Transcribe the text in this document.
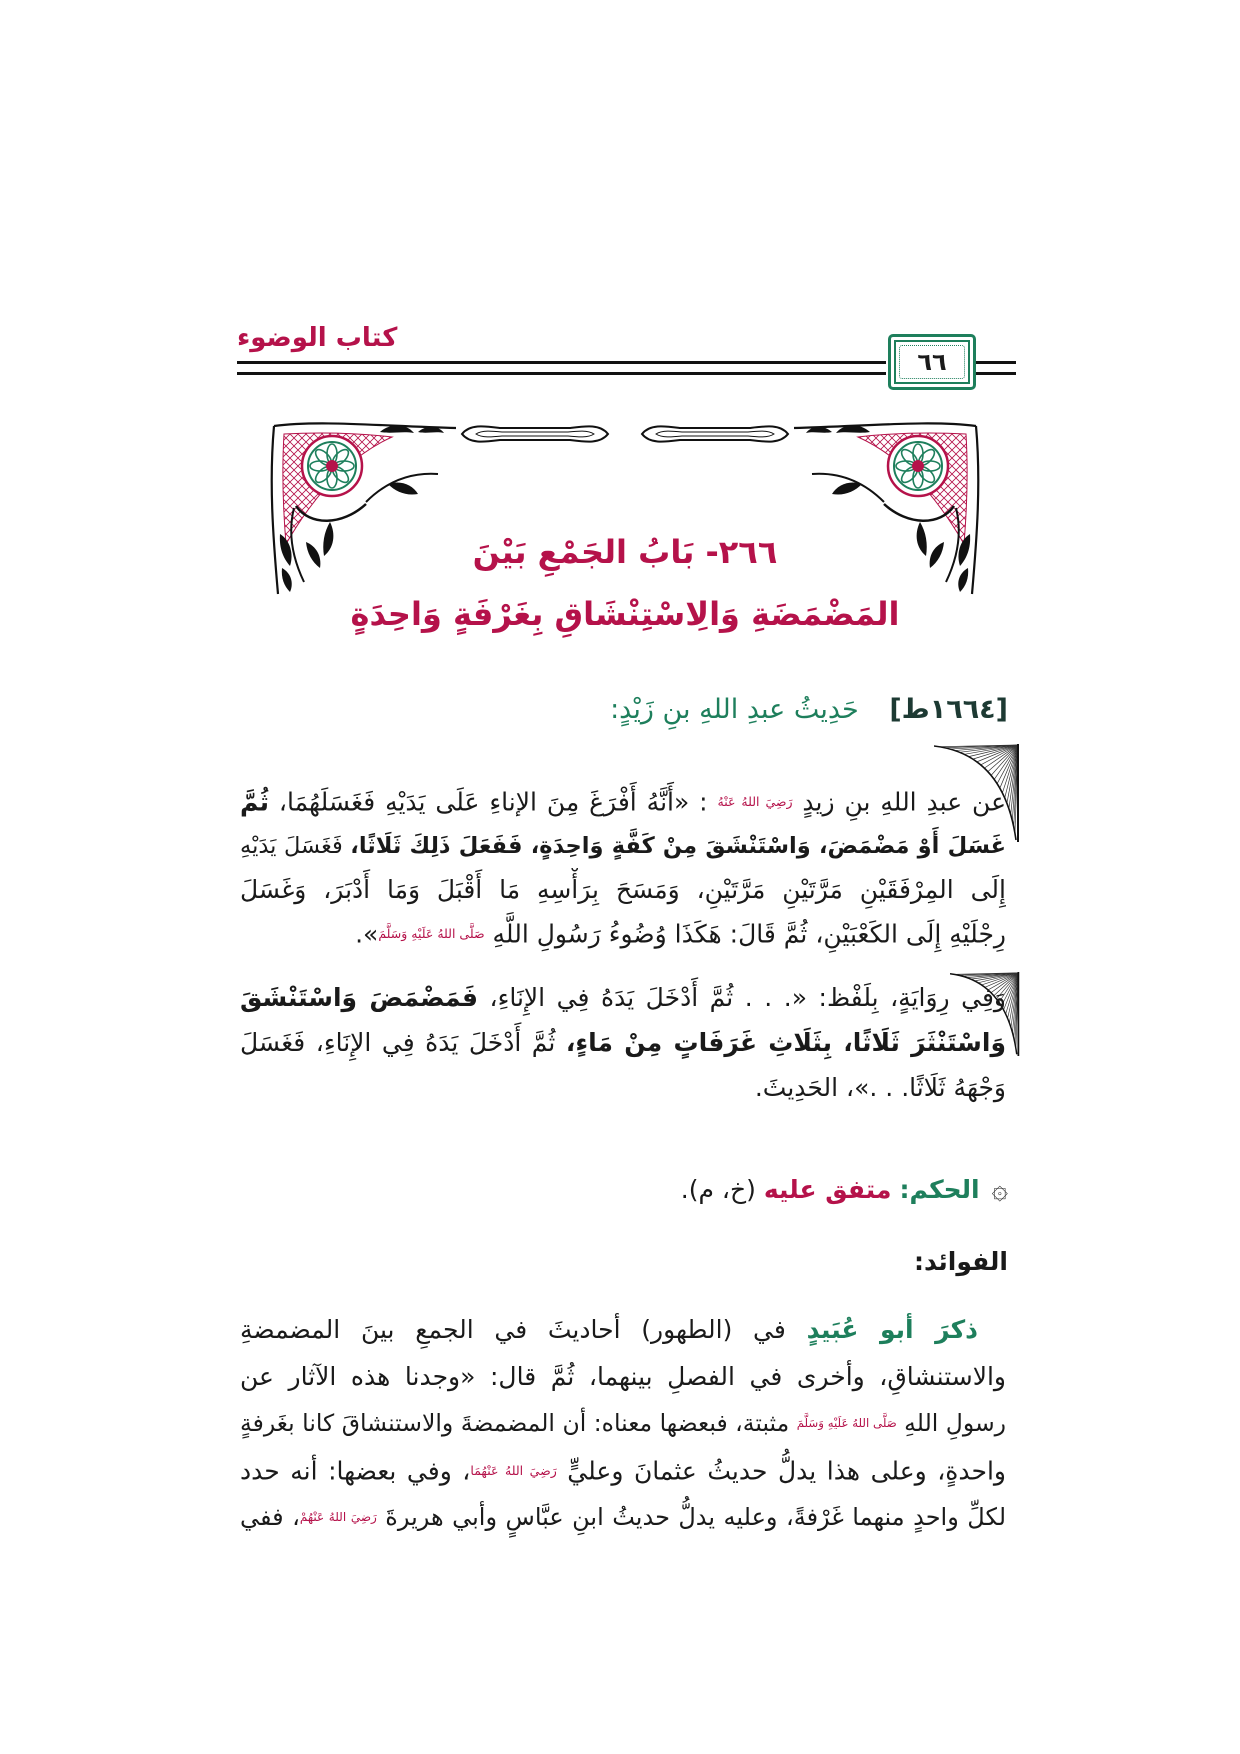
كتاب الوضوء
٦٦
٢٦٦- بَابُ الجَمْعِ بَيْنَ
المَضْمَضَةِ وَالِاسْتِنْشَاقِ بِغَرْفَةٍ وَاحِدَةٍ
[١٦٦٤ط] حَدِيثُ عبدِ اللهِ بنِ زَيْدٍ:
عن عبدِ اللهِ بنِ زيدٍ رَضِيَ اللهُ عَنْهُ : «أَنَّهُ أَفْرَغَ مِنَ الإناءِ عَلَى يَدَيْهِ فَغَسَلَهُمَا، ثُمَّ
غَسَلَ أَوْ مَضْمَضَ، وَاسْتَنْشَقَ مِنْ كَفَّةٍ وَاحِدَةٍ، فَفَعَلَ ذَلِكَ ثَلَاثًا، فَغَسَلَ يَدَيْهِ
إِلَى المِرْفَقَيْنِ مَرَّتَيْنِ مَرَّتَيْنِ، وَمَسَحَ بِرَأْسِهِ مَا أَقْبَلَ وَمَا أَدْبَرَ، وَغَسَلَ
رِجْلَيْهِ إِلَى الكَعْبَيْنِ، ثُمَّ قَالَ: هَكَذَا وُضُوءُ رَسُولِ اللَّهِ صَلَّى اللهُ عَلَيْهِ وَسَلَّمَ».
وَفِي رِوَايَةٍ، بِلَفْظ: «. . . ثُمَّ أَدْخَلَ يَدَهُ فِي الإِنَاءِ، فَمَضْمَضَ وَاسْتَنْشَقَ
وَاسْتَنْثَرَ ثَلَاثًا، بِثَلَاثِ غَرَفَاتٍ مِنْ مَاءٍ، ثُمَّ أَدْخَلَ يَدَهُ فِي الإِنَاءِ، فَغَسَلَ
وَجْهَهُ ثَلَاثًا. . .»، الحَدِيثَ.
۞ الحكم:متفق عليه(خ، م).
الفوائد:
ذكرَ أبو عُبَيدٍ في (الطهور) أحاديثَ في الجمعِ بينَ المضمضةِ
والاستنشاقِ، وأخرى في الفصلِ بينهما، ثُمَّ قال: «وجدنا هذه الآثار عن
رسولِ اللهِ صَلَّى اللهُ عَلَيْهِ وَسَلَّمَ مثبتة، فبعضها معناه: أن المضمضةَ والاستنشاقَ كانا بغَرفةٍ
واحدةٍ، وعلى هذا يدلُّ حديثُ عثمانَ وعليٍّ رَضِيَ اللهُ عَنْهُمَا، وفي بعضها: أنه حدد
لكلِّ واحدٍ منهما غَرْفةً، وعليه يدلُّ حديثُ ابنِ عبَّاسٍ وأبي هريرةَ رَضِيَ اللهُ عَنْهُمْ، ففي
